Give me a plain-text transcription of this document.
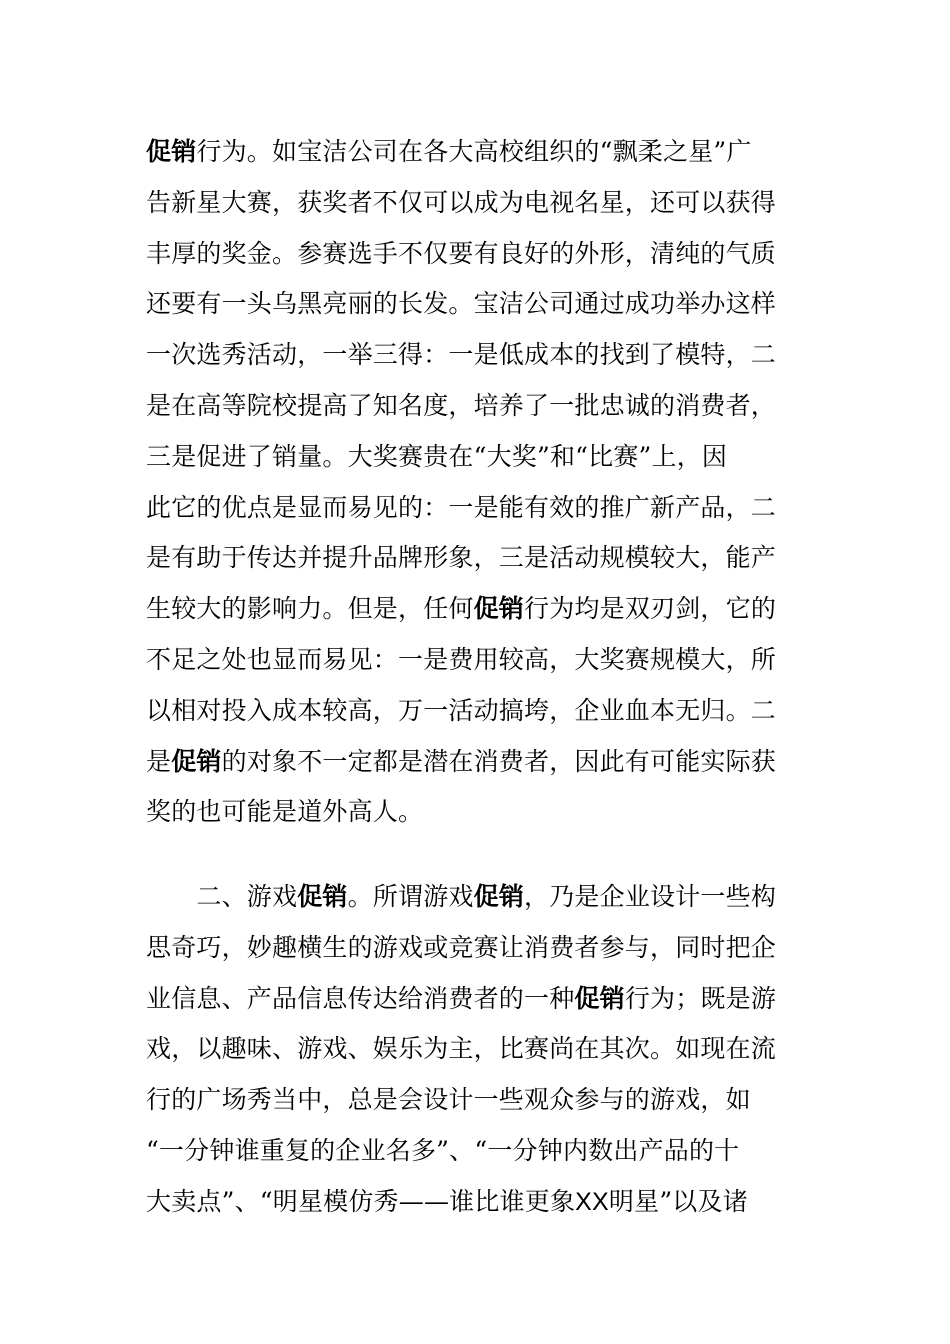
促销行为。如宝洁公司在各大高校组织的“飘柔之星”广
告新星大赛，获奖者不仅可以成为电视名星，还可以获得
丰厚的奖金。参赛选手不仅要有良好的外形，清纯的气质
还要有一头乌黑亮丽的长发。宝洁公司通过成功举办这样
一次选秀活动，一举三得：一是低成本的找到了模特，二
是在高等院校提高了知名度，培养了一批忠诚的消费者，
三是促进了销量。大奖赛贵在“大奖”和“比赛”上，因
此它的优点是显而易见的：一是能有效的推广新产品，二
是有助于传达并提升品牌形象，三是活动规模较大，能产
生较大的影响力。但是，任何促销行为均是双刃剑，它的
不足之处也显而易见：一是费用较高，大奖赛规模大，所
以相对投入成本较高，万一活动搞垮，企业血本无归。二
是促销的对象不一定都是潜在消费者，因此有可能实际获
奖的也可能是道外高人。
　　二、游戏促销。所谓游戏促销，乃是企业设计一些构
思奇巧，妙趣横生的游戏或竞赛让消费者参与，同时把企
业信息、产品信息传达给消费者的一种促销行为；既是游
戏，以趣味、游戏、娱乐为主，比赛尚在其次。如现在流
行的广场秀当中，总是会设计一些观众参与的游戏，如
“一分钟谁重复的企业名多”、“一分钟内数出产品的十
大卖点”、“明星模仿秀——谁比谁更象XX明星”以及诸
